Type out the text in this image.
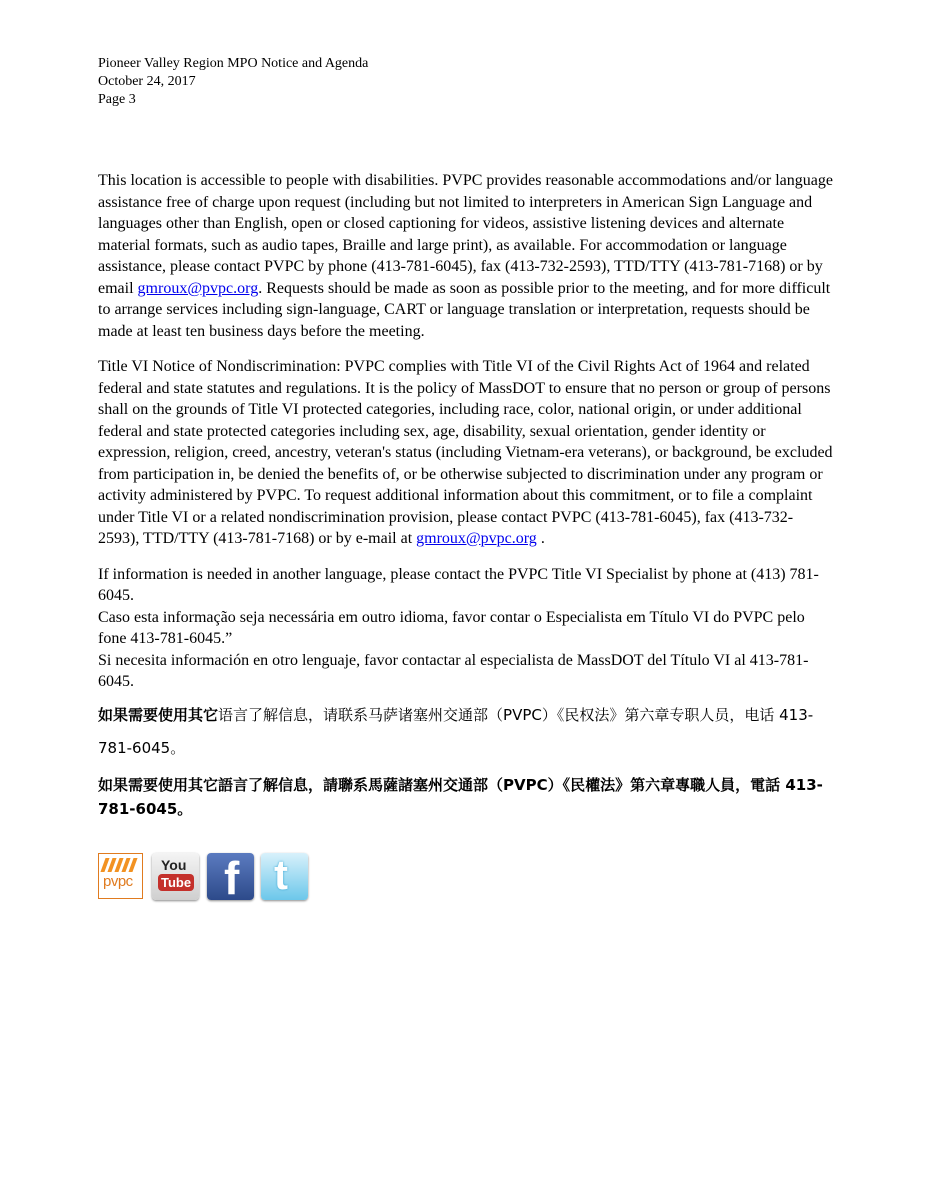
Pioneer Valley Region MPO Notice and Agenda
October 24, 2017
Page 3

This location is accessible to people with disabilities. PVPC provides reasonable accommodations and/or language assistance free of charge upon request (including but not limited to interpreters in American Sign Language and languages other than English, open or closed captioning for videos, assistive listening devices and alternate material formats, such as audio tapes, Braille and large print), as available. For accommodation or language assistance, please contact PVPC by phone (413-781-6045), fax (413-732-2593), TTD/TTY (413-781-7168) or by email gmroux@pvpc.org. Requests should be made as soon as possible prior to the meeting, and for more difficult to arrange services including sign-language, CART or language translation or interpretation, requests should be made at least ten business days before the meeting.

Title VI Notice of Nondiscrimination: PVPC complies with Title VI of the Civil Rights Act of 1964 and related federal and state statutes and regulations. It is the policy of MassDOT to ensure that no person or group of persons shall on the grounds of Title VI protected categories, including race, color, national origin, or under additional federal and state protected categories including sex, age, disability, sexual orientation, gender identity or expression, religion, creed, ancestry, veteran's status (including Vietnam-era veterans), or background, be excluded from participation in, be denied the benefits of, or be otherwise subjected to discrimination under any program or activity administered by PVPC. To request additional information about this commitment, or to file a complaint under Title VI or a related nondiscrimination provision, please contact PVPC (413-781-6045), fax (413-732-2593), TTD/TTY (413-781-7168) or by e-mail at gmroux@pvpc.org .

If information is needed in another language, please contact the PVPC Title VI Specialist by phone at (413) 781-6045.
Caso esta informação seja necessária em outro idioma, favor contar o Especialista em Título VI do PVPC pelo fone 413-781-6045.”
Si necesita información en otro lenguaje, favor contactar al especialista de MassDOT del Título VI al 413-781-6045.

如果需要使用其它语言了解信息，请联系马萨诸塞州交通部（PVPC）《民权法》第六章专职人员，电话 413-781-6045。

如果需要使用其它語言了解信息，請聯系馬薩諸塞州交通部（PVPC）《民權法》第六章專職人員，電話 413-781-6045。

pvpc
You
Tube f t
